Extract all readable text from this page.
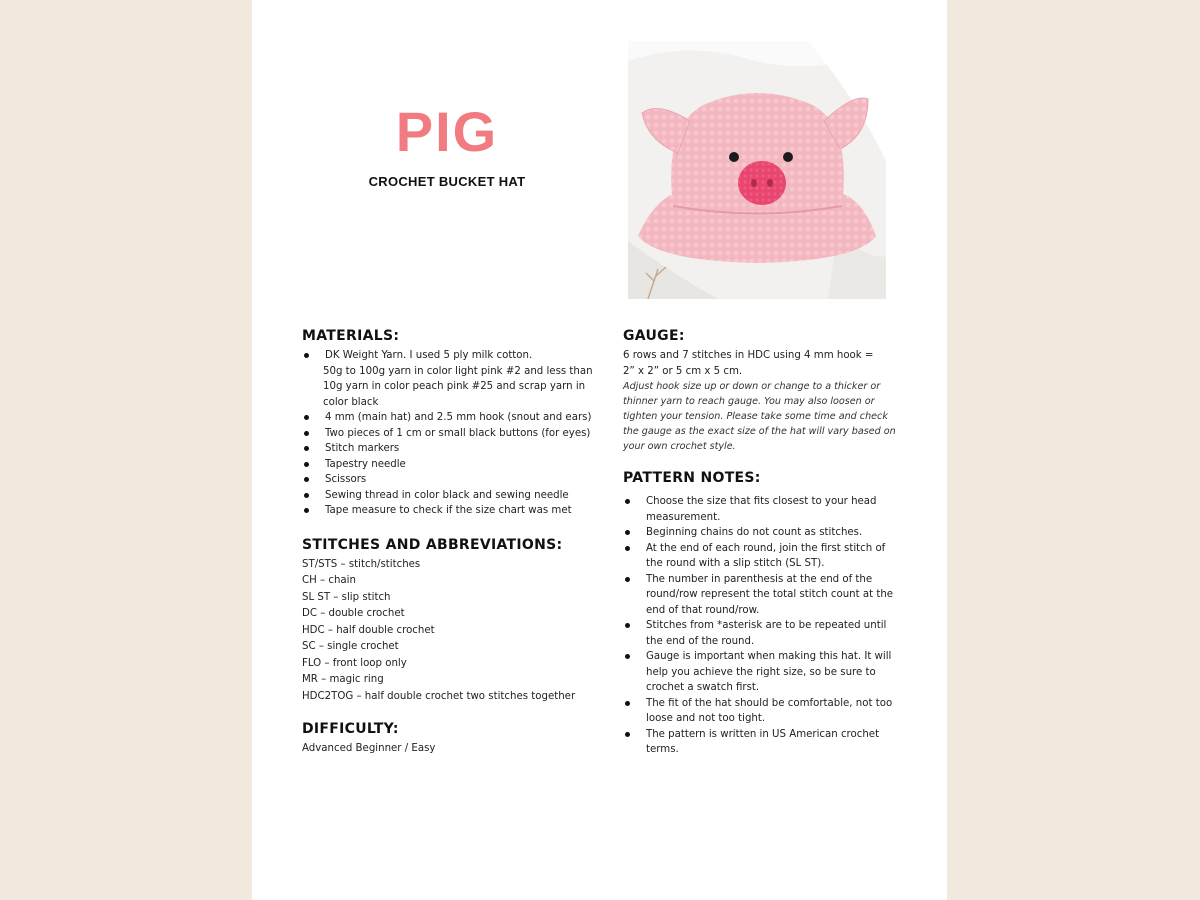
PIG
CROCHET BUCKET HAT
MATERIALS:
DK Weight Yarn. I used 5 ply milk cotton.
50g to 100g yarn in color light pink #2 and less than 10g yarn in color peach pink #25 and scrap yarn in color black
4 mm (main hat) and 2.5 mm hook (snout and ears)
Two pieces of 1 cm or small black buttons (for eyes)
Stitch markers
Tapestry needle
Scissors
Sewing thread in color black and sewing needle
Tape measure to check if the size chart was met
STITCHES AND ABBREVIATIONS:
ST/STS – stitch/stitches
CH – chain
SL ST – slip stitch
DC – double crochet
HDC – half double crochet
SC – single crochet
FLO – front loop only
MR – magic ring
HDC2TOG – half double crochet two stitches together
DIFFICULTY:
Advanced Beginner / Easy
GAUGE:
6 rows and 7 stitches in HDC using 4 mm hook =
2” x 2” or 5 cm x 5 cm.
Adjust hook size up or down or change to a thicker or thinner yarn to reach gauge. You may also loosen or tighten your tension. Please take some time and check the gauge as the exact size of the hat will vary based on your own crochet style.
PATTERN NOTES:
Choose the size that fits closest to your head measurement.
Beginning chains do not count as stitches.
At the end of each round, join the first stitch of the round with a slip stitch (SL ST).
The number in parenthesis at the end of the round/row represent the total stitch count at the end of that round/row.
Stitches from *asterisk are to be repeated until the end of the round.
Gauge is important when making this hat. It will help you achieve the right size, so be sure to crochet a swatch first.
The fit of the hat should be comfortable, not too loose and not too tight.
The pattern is written in US American crochet terms.
